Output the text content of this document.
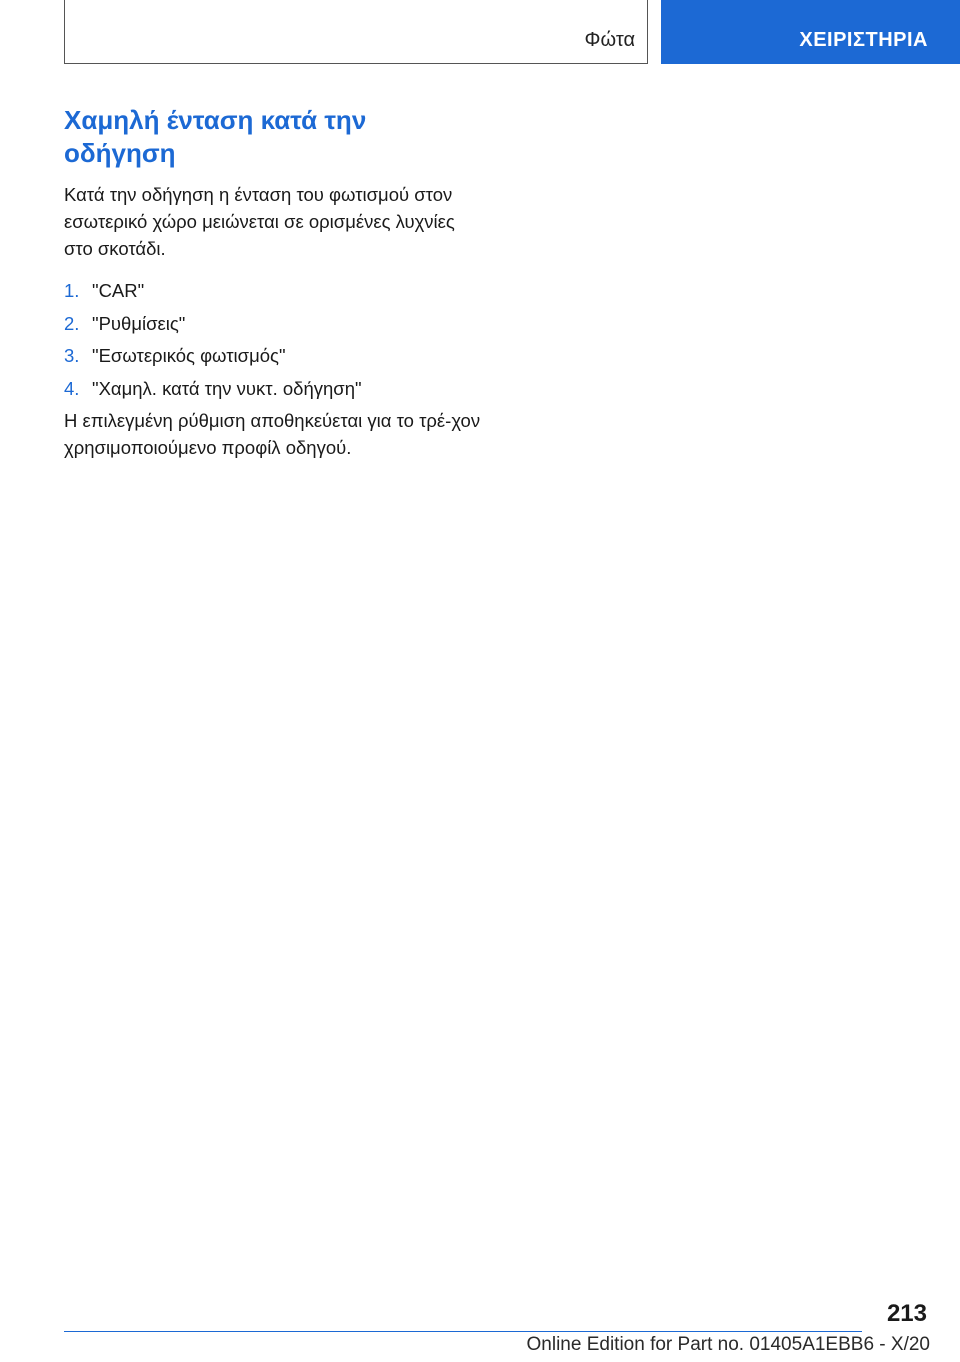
Φώτα	ΧΕΙΡΙΣΤΗΡΙΑ
Χαμηλή ένταση κατά την οδήγηση

Κατά την οδήγηση η ένταση του φωτισμού στον εσωτερικό χώρο μειώνεται σε ορισμένες λυχνίες στο σκοτάδι.

1. "CAR"
2. "Ρυθμίσεις"
3. "Εσωτερικός φωτισμός"
4. "Χαμηλ. κατά την νυκτ. οδήγηση"

Η επιλεγμένη ρύθμιση αποθηκεύεται για το τρέ-χον χρησιμοποιούμενο προφίλ οδηγού.

213
Online Edition for Part no. 01405A1EBB6 - X/20
